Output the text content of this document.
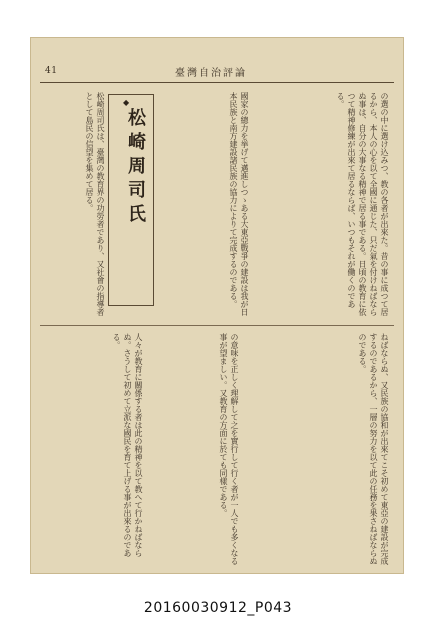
41	臺灣自治評論
の選の中に選け込みつ、教の各者が出來た。昔の事に成つて居るから、本人の心を以て全國に通じた、只だ氣を付けねばならぬ事は、自分の大事なる精神で居る事である。日頃の教育に依つて精神修練が出來て居るならば、いつもそれが働くのである。
國家の總力を挙げて邁進しつゝある大東亞戰爭の建設は我が日本民族と南方建設諸民族の協力によりて完成するのである。
松崎周司氏は、臺灣の教育界の功勞者であり、又社會の指導者として島民の信望を集めて居る。	◆
松崎周司氏
ねばならぬ、又民族の協和が出來てこそ初めて東亞の建設が完成するのであるから、一層の努力を以て此の任務を果さねばならぬのである。
の意味を正しく理解して之を實行して行く者が一人でも多くなる事が望ましい。又教育の方面に於ても同樣である。
人々が教育に關係する者は此の精神を以て教へて行かねばならぬ。さうして初めて立派な國民を育て上げる事が出來るのである。
20160030912_P043
